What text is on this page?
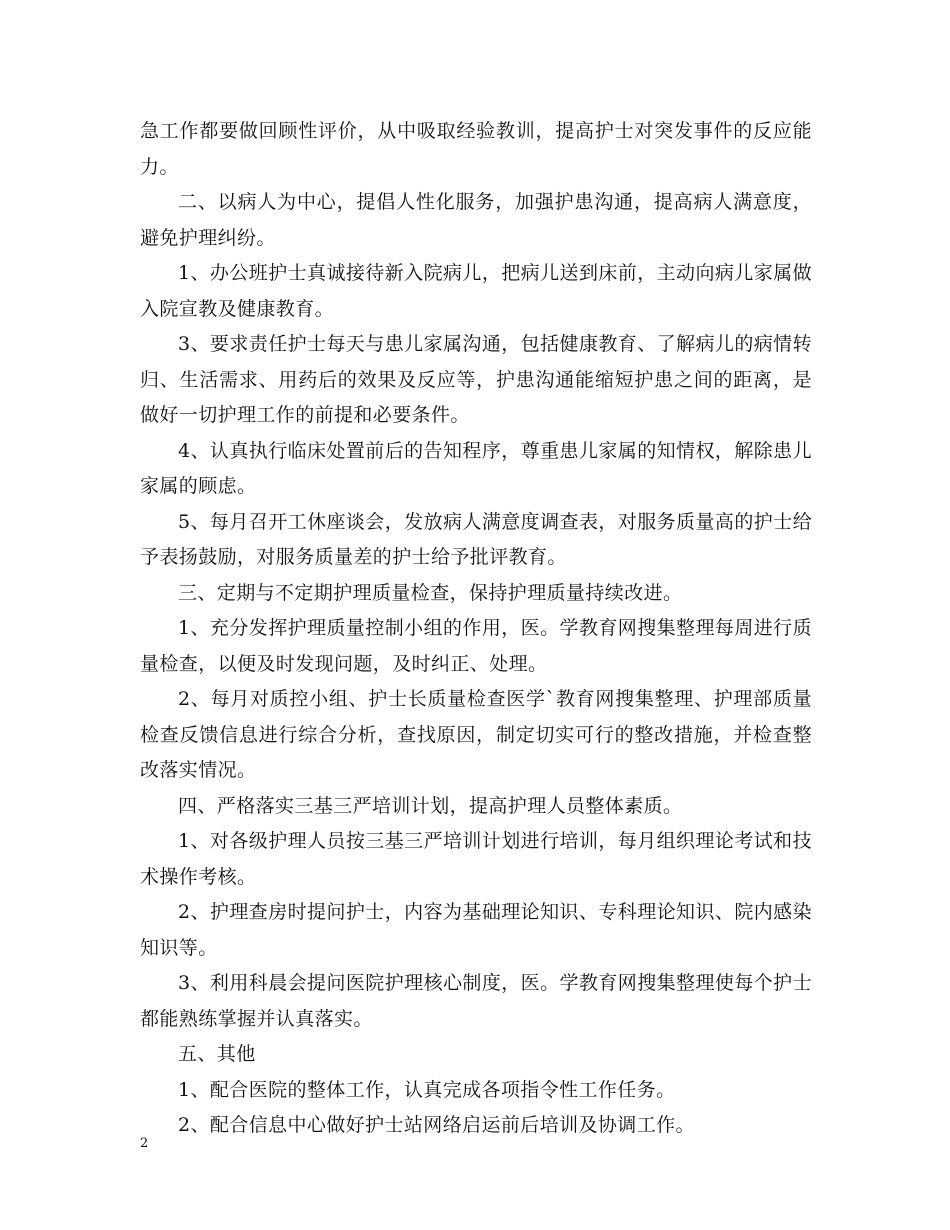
急工作都要做回顾性评价，从中吸取经验教训，提高护士对突发事件的反应能力。

二、以病人为中心，提倡人性化服务，加强护患沟通，提高病人满意度，避免护理纠纷。

1、办公班护士真诚接待新入院病儿，把病儿送到床前，主动向病儿家属做入院宣教及健康教育。

3、要求责任护士每天与患儿家属沟通，包括健康教育、了解病儿的病情转归、生活需求、用药后的效果及反应等，护患沟通能缩短护患之间的距离，是做好一切护理工作的前提和必要条件。

4、认真执行临床处置前后的告知程序，尊重患儿家属的知情权，解除患儿家属的顾虑。

5、每月召开工休座谈会，发放病人满意度调查表，对服务质量高的护士给予表扬鼓励，对服务质量差的护士给予批评教育。

三、定期与不定期护理质量检查，保持护理质量持续改进。

1、充分发挥护理质量控制小组的作用，医。学教育网搜集整理每周进行质量检查，以便及时发现问题，及时纠正、处理。

2、每月对质控小组、护士长质量检查医学`教育网搜集整理、护理部质量检查反馈信息进行综合分析，查找原因，制定切实可行的整改措施，并检查整改落实情况。

四、严格落实三基三严培训计划，提高护理人员整体素质。

1、对各级护理人员按三基三严培训计划进行培训，每月组织理论考试和技术操作考核。

2、护理查房时提问护士，内容为基础理论知识、专科理论知识、院内感染知识等。

3、利用科晨会提问医院护理核心制度，医。学教育网搜集整理使每个护士都能熟练掌握并认真落实。

五、其他

1、配合医院的整体工作，认真完成各项指令性工作任务。

2、配合信息中心做好护士站网络启运前后培训及协调工作。

2
